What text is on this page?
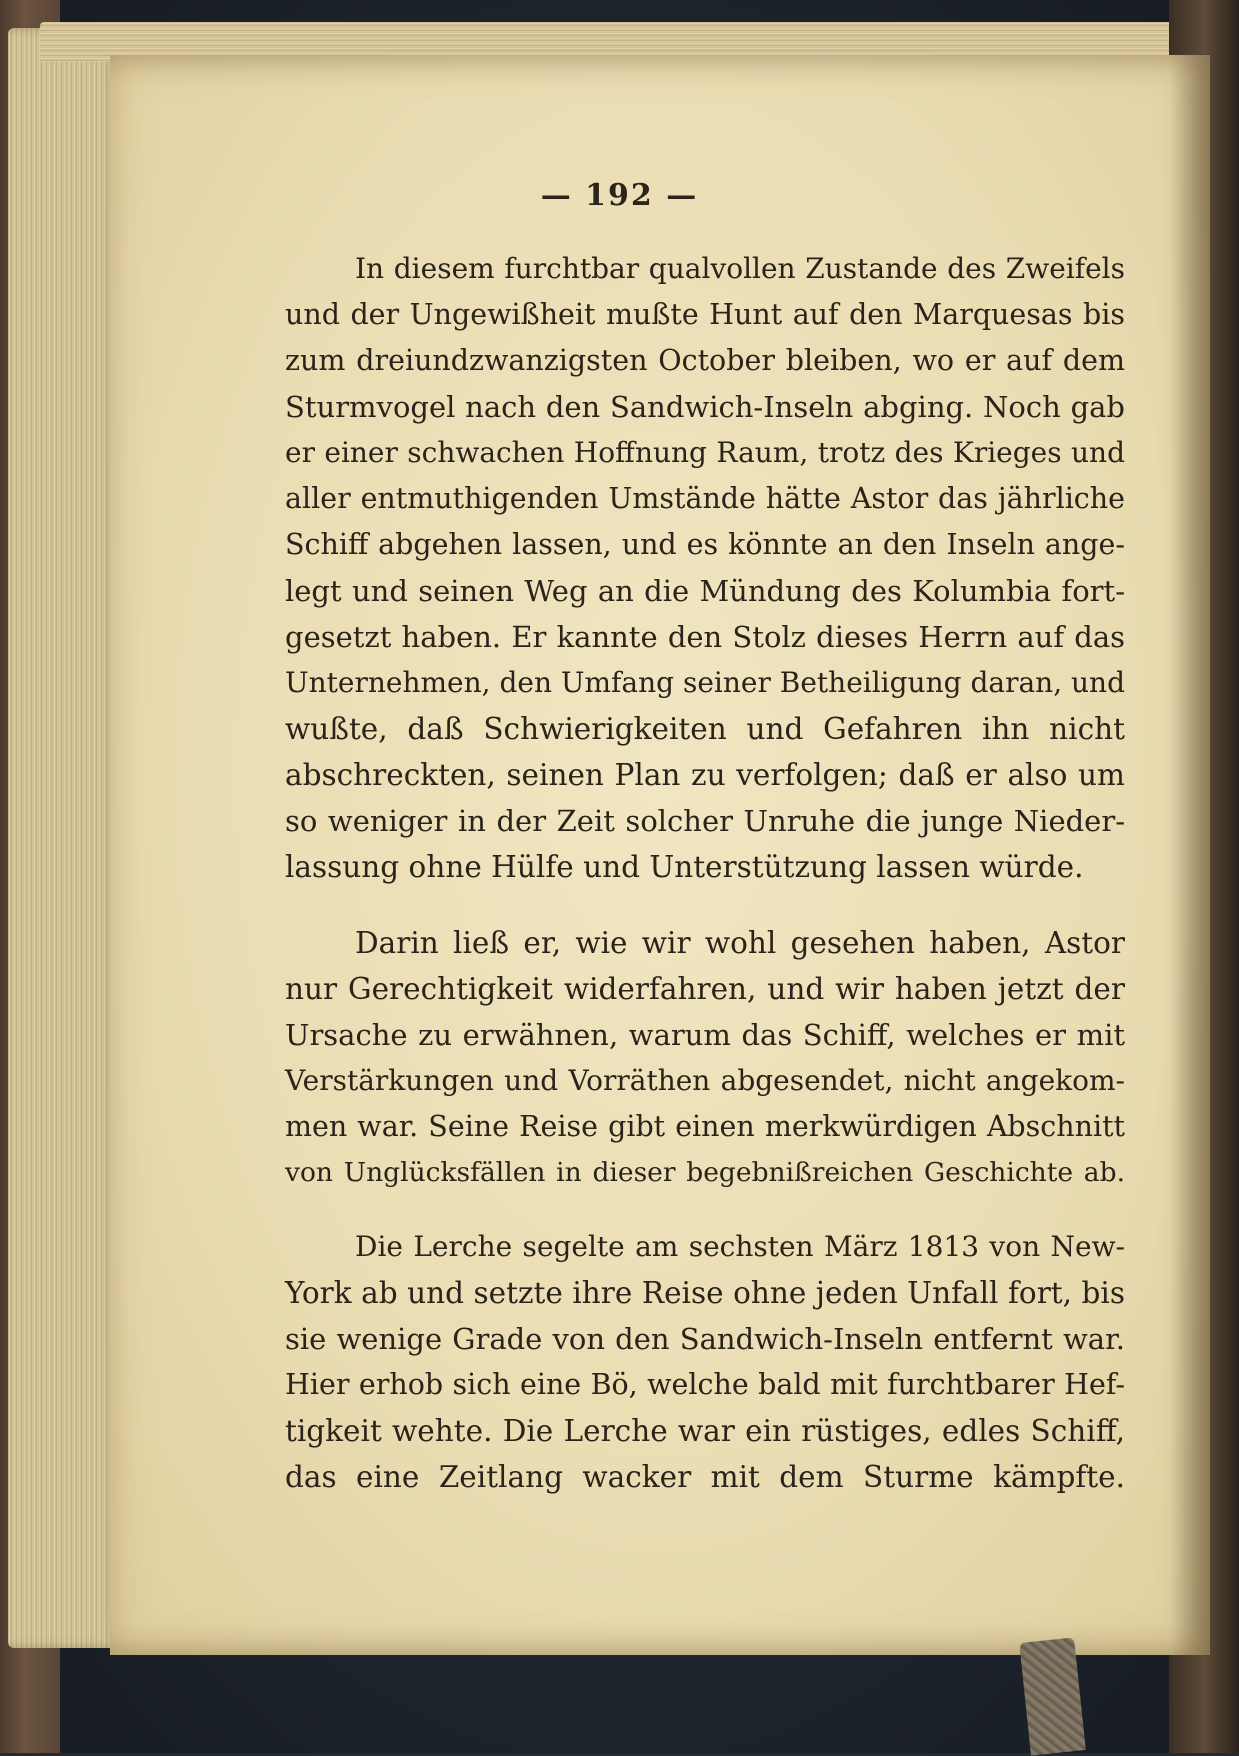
— 192 —
In diesem furchtbar qualvollen Zustande des Zweifels
und der Ungewißheit mußte Hunt auf den Marquesas bis
zum dreiundzwanzigsten October bleiben, wo er auf dem
Sturmvogel nach den Sandwich-Inseln abging. Noch gab
er einer schwachen Hoffnung Raum, trotz des Krieges und
aller entmuthigenden Umstände hätte Astor das jährliche
Schiff abgehen lassen, und es könnte an den Inseln ange-
legt und seinen Weg an die Mündung des Kolumbia fort-
gesetzt haben. Er kannte den Stolz dieses Herrn auf das
Unternehmen, den Umfang seiner Betheiligung daran, und
wußte, daß Schwierigkeiten und Gefahren ihn nicht
abschreckten, seinen Plan zu verfolgen; daß er also um
so weniger in der Zeit solcher Unruhe die junge Nieder-
lassung ohne Hülfe und Unterstützung lassen würde.
Darin ließ er, wie wir wohl gesehen haben, Astor
nur Gerechtigkeit widerfahren, und wir haben jetzt der
Ursache zu erwähnen, warum das Schiff, welches er mit
Verstärkungen und Vorräthen abgesendet, nicht angekom-
men war. Seine Reise gibt einen merkwürdigen Abschnitt
von Unglücksfällen in dieser begebnißreichen Geschichte ab.
Die Lerche segelte am sechsten März 1813 von New-
York ab und setzte ihre Reise ohne jeden Unfall fort, bis
sie wenige Grade von den Sandwich-Inseln entfernt war.
Hier erhob sich eine Bö, welche bald mit furchtbarer Hef-
tigkeit wehte. Die Lerche war ein rüstiges, edles Schiff,
das eine Zeitlang wacker mit dem Sturme kämpfte.
